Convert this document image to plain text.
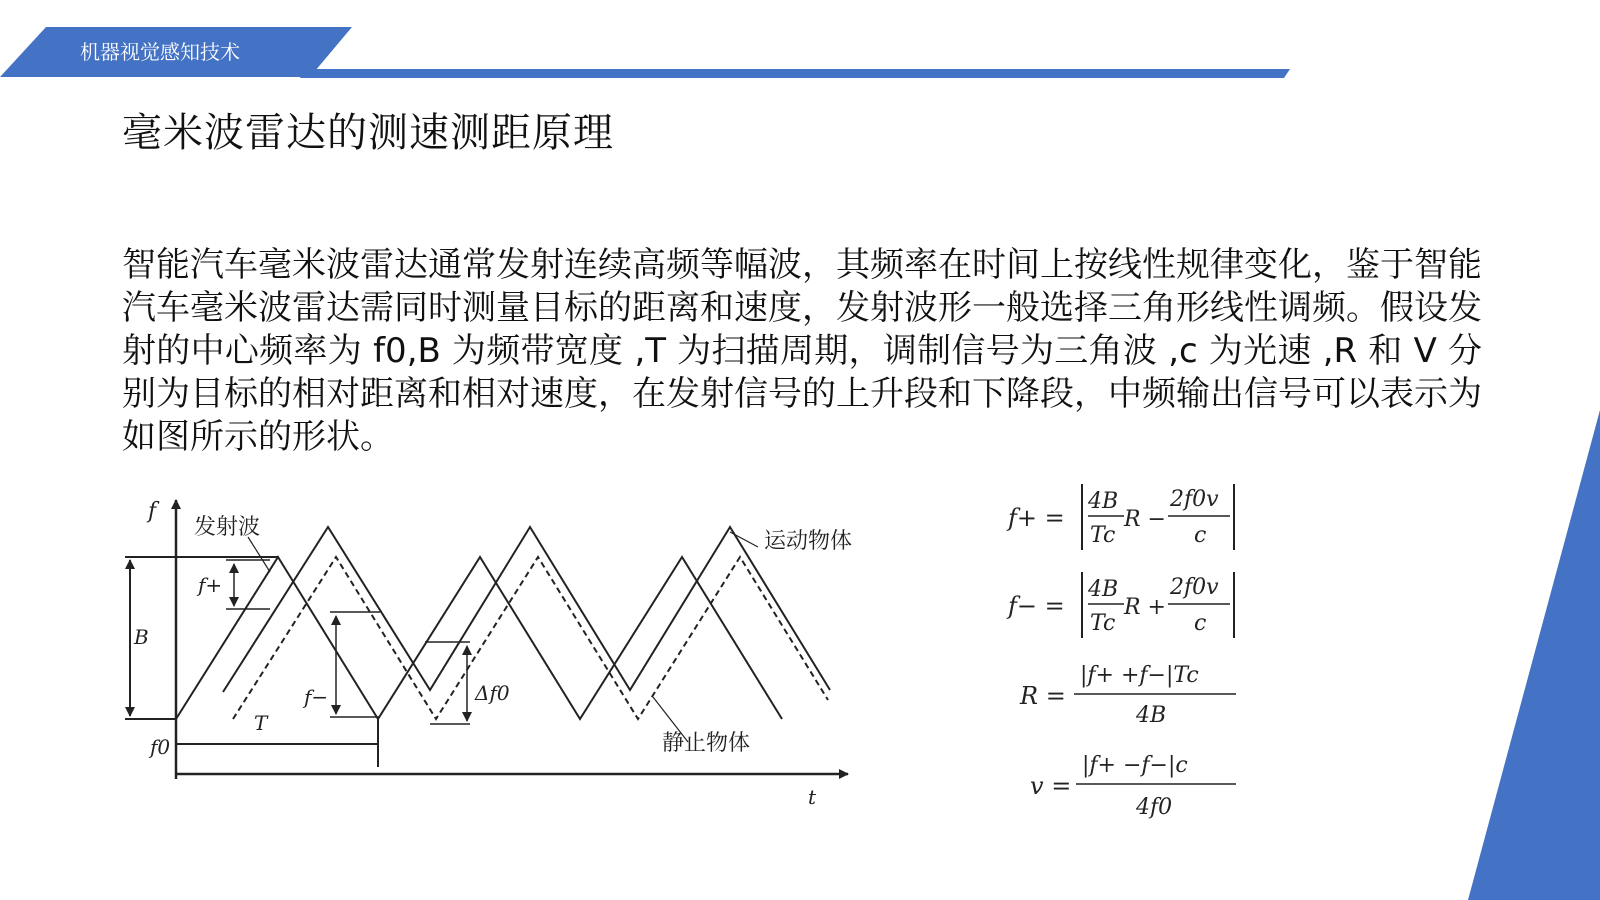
机器视觉感知技术
毫米波雷达的测速测距原理
智能汽车毫米波雷达通常发射连续高频等幅波，其频率在时间上按线性规律变化，鉴于智能汽车毫米波雷达需同时测量目标的距离和速度，发射波形一般选择三角形线性调频。假设发射的中心频率为 f0,B 为频带宽度 ,T 为扫描周期，调制信号为三角波 ,c 为光速 ,R 和 V 分别为目标的相对距离和相对速度，在发射信号的上升段和下降段，中频输出信号可以表示为如图所示的形状。
f
发射波
运动物体
f+
B
f−	Δf0
T
静止物体
f0
t
f+ =
4B
Tc
R −
2f0v
c
f− =
4B
Tc
R +
2f0v
c
R =
|f+ +f−|Tc
4B
v =
|f+ −f−|c
4f0
